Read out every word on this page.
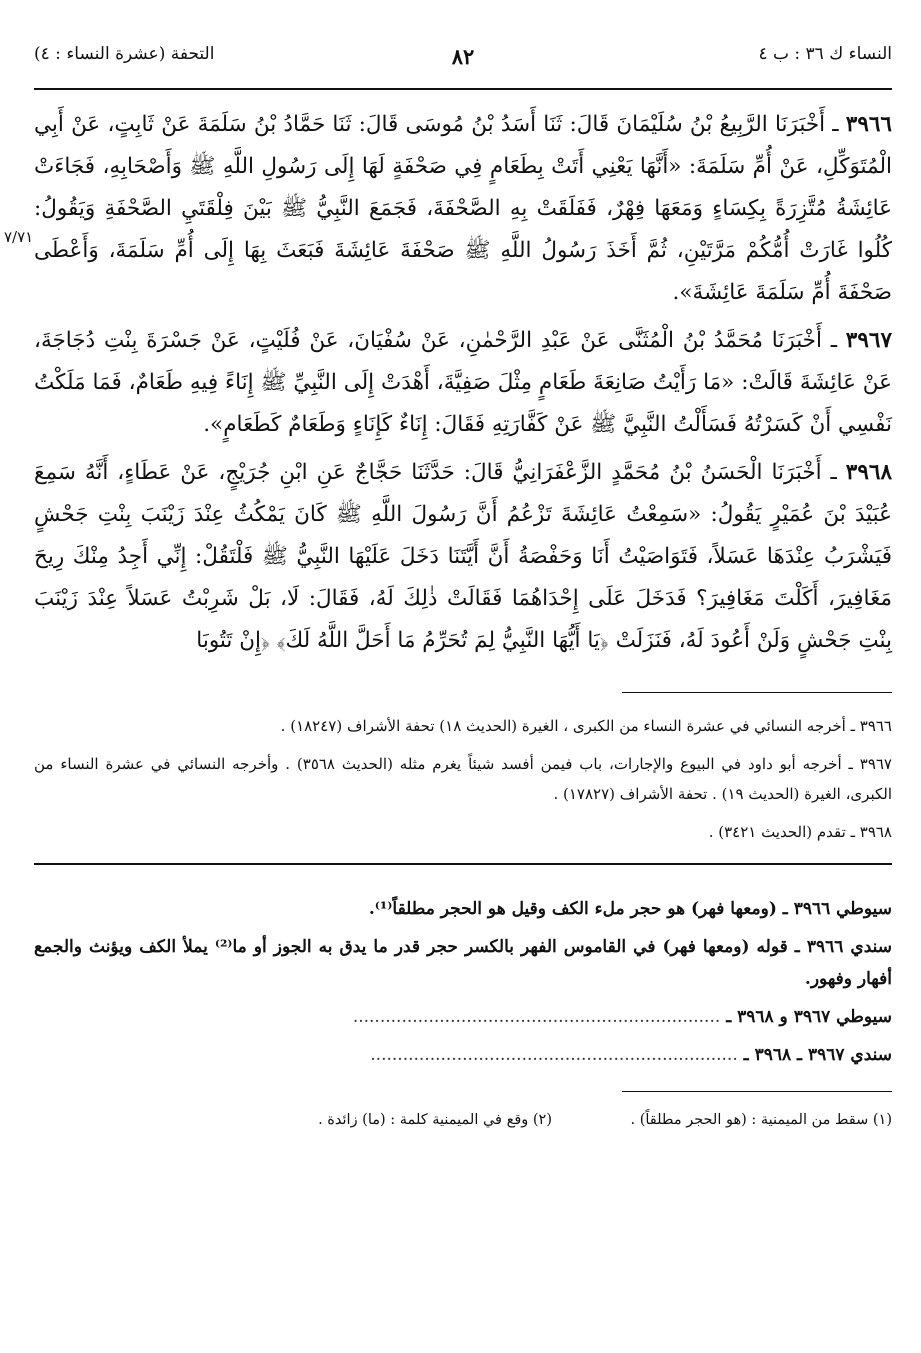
النساء ك ٣٦ : ب ٤
٨٢
التحفة (عشرة النساء : ٤)
٧/٧١

٣٩٦٦ ـ أَخْبَرَنَا الرَّبِيعُ بْنُ سُلَيْمَانَ قَالَ: ثَنَا أَسَدُ بْنُ مُوسَى قَالَ: ثَنَا حَمَّادُ بْنُ سَلَمَةَ عَنْ ثَابِتٍ، عَنْ أَبِي الْمُتَوَكِّلِ، عَنْ أُمِّ سَلَمَةَ: «أَنَّهَا يَعْنِي أَتَتْ بِطَعَامٍ فِي صَحْفَةٍ لَهَا إِلَى رَسُولِ اللَّهِ ﷺ وَأَصْحَابِهِ، فَجَاءَتْ عَائِشَةُ مُتَّزِرَةً بِكِسَاءٍ وَمَعَهَا فِهْرٌ، فَفَلَقَتْ بِهِ الصَّحْفَةَ، فَجَمَعَ النَّبِيُّ ﷺ بَيْنَ فِلْقَتَيِ الصَّحْفَةِ وَيَقُولُ: كُلُوا غَارَتْ أُمُّكُمْ مَرَّتَيْنِ، ثُمَّ أَخَذَ رَسُولُ اللَّهِ ﷺ صَحْفَةَ عَائِشَةَ فَبَعَثَ بِهَا إِلَى أُمِّ سَلَمَةَ، وَأَعْطَى صَحْفَةَ أُمِّ سَلَمَةَ عَائِشَةَ».

٣٩٦٧ ـ أَخْبَرَنَا مُحَمَّدُ بْنُ الْمُثَنَّى عَنْ عَبْدِ الرَّحْمٰنِ، عَنْ سُفْيَانَ، عَنْ فُلَيْتٍ، عَنْ جَسْرَةَ بِنْتِ دُجَاجَةَ، عَنْ عَائِشَةَ قَالَتْ: «مَا رَأَيْتُ صَانِعَةَ طَعَامٍ مِثْلَ صَفِيَّةَ، أَهْدَتْ إِلَى النَّبِيِّ ﷺ إِنَاءً فِيهِ طَعَامٌ، فَمَا مَلَكْتُ نَفْسِي أَنْ كَسَرْتُهُ فَسَأَلْتُ النَّبِيَّ ﷺ عَنْ كَفَّارَتِهِ فَقَالَ: إِنَاءٌ كَإِنَاءٍ وَطَعَامٌ كَطَعَامٍ».

٣٩٦٨ ـ أَخْبَرَنَا الْحَسَنُ بْنُ مُحَمَّدٍ الزَّعْفَرَانِيُّ قَالَ: حَدَّثَنَا حَجَّاجٌ عَنِ ابْنِ جُرَيْجٍ، عَنْ عَطَاءٍ، أَنَّهُ سَمِعَ عُبَيْدَ بْنَ عُمَيْرٍ يَقُولُ: «سَمِعْتُ عَائِشَةَ تَزْعُمُ أَنَّ رَسُولَ اللَّهِ ﷺ كَانَ يَمْكُثُ عِنْدَ زَيْنَبَ بِنْتِ جَحْشٍ فَيَشْرَبُ عِنْدَهَا عَسَلاً، فَتَوَاصَيْتُ أَنَا وَحَفْصَةُ أَنَّ أَيَّتَنَا دَخَلَ عَلَيْهَا النَّبِيُّ ﷺ فَلْتَقُلْ: إِنِّي أَجِدُ مِنْكَ رِيحَ مَغَافِيرَ، أَكَلْتَ مَغَافِيرَ؟ فَدَخَلَ عَلَى إِحْدَاهُمَا فَقَالَتْ ذٰلِكَ لَهُ، فَقَالَ: لَا، بَلْ شَرِبْتُ عَسَلاً عِنْدَ زَيْنَبَ بِنْتِ جَحْشٍ وَلَنْ أَعُودَ لَهُ، فَنَزَلَتْ ﴿يَا أَيُّهَا النَّبِيُّ لِمَ تُحَرِّمُ مَا أَحَلَّ اللَّهُ لَكَ﴾ ﴿إِنْ تَتُوبَا

٣٩٦٦ ـ أخرجه النسائي في عشرة النساء من الكبرى ، الغيرة (الحديث ١٨) تحفة الأشراف (١٨٢٤٧) .

٣٩٦٧ ـ أخرجه أبو داود في البيوع والإجارات، باب فيمن أفسد شيئاً يغرم مثله (الحديث ٣٥٦٨) . وأخرجه النسائي في عشرة النساء من الكبرى، الغيرة (الحديث ١٩) . تحفة الأشراف (١٧٨٢٧) .

٣٩٦٨ ـ تقدم (الحديث ٣٤٢١) .

سيوطي ٣٩٦٦ ـ (ومعها فهر) هو حجر ملء الكف وقيل هو الحجر مطلقاً⁽¹⁾.

سندي ٣٩٦٦ ـ قوله (ومعها فهر) في القاموس الفهر بالكسر حجر قدر ما يدق به الجوز أو ما⁽²⁾ يملأ الكف ويؤنث والجمع أفهار وفهور.

سيوطي ٣٩٦٧ و ٣٩٦٨ ـ ....................................................................

سندي ٣٩٦٧ ـ ٣٩٦٨ ـ ....................................................................

(١) سقط من الميمنية : (هو الحجر مطلقاً) .
(٢) وقع في الميمنية كلمة : (ما) زائدة .
